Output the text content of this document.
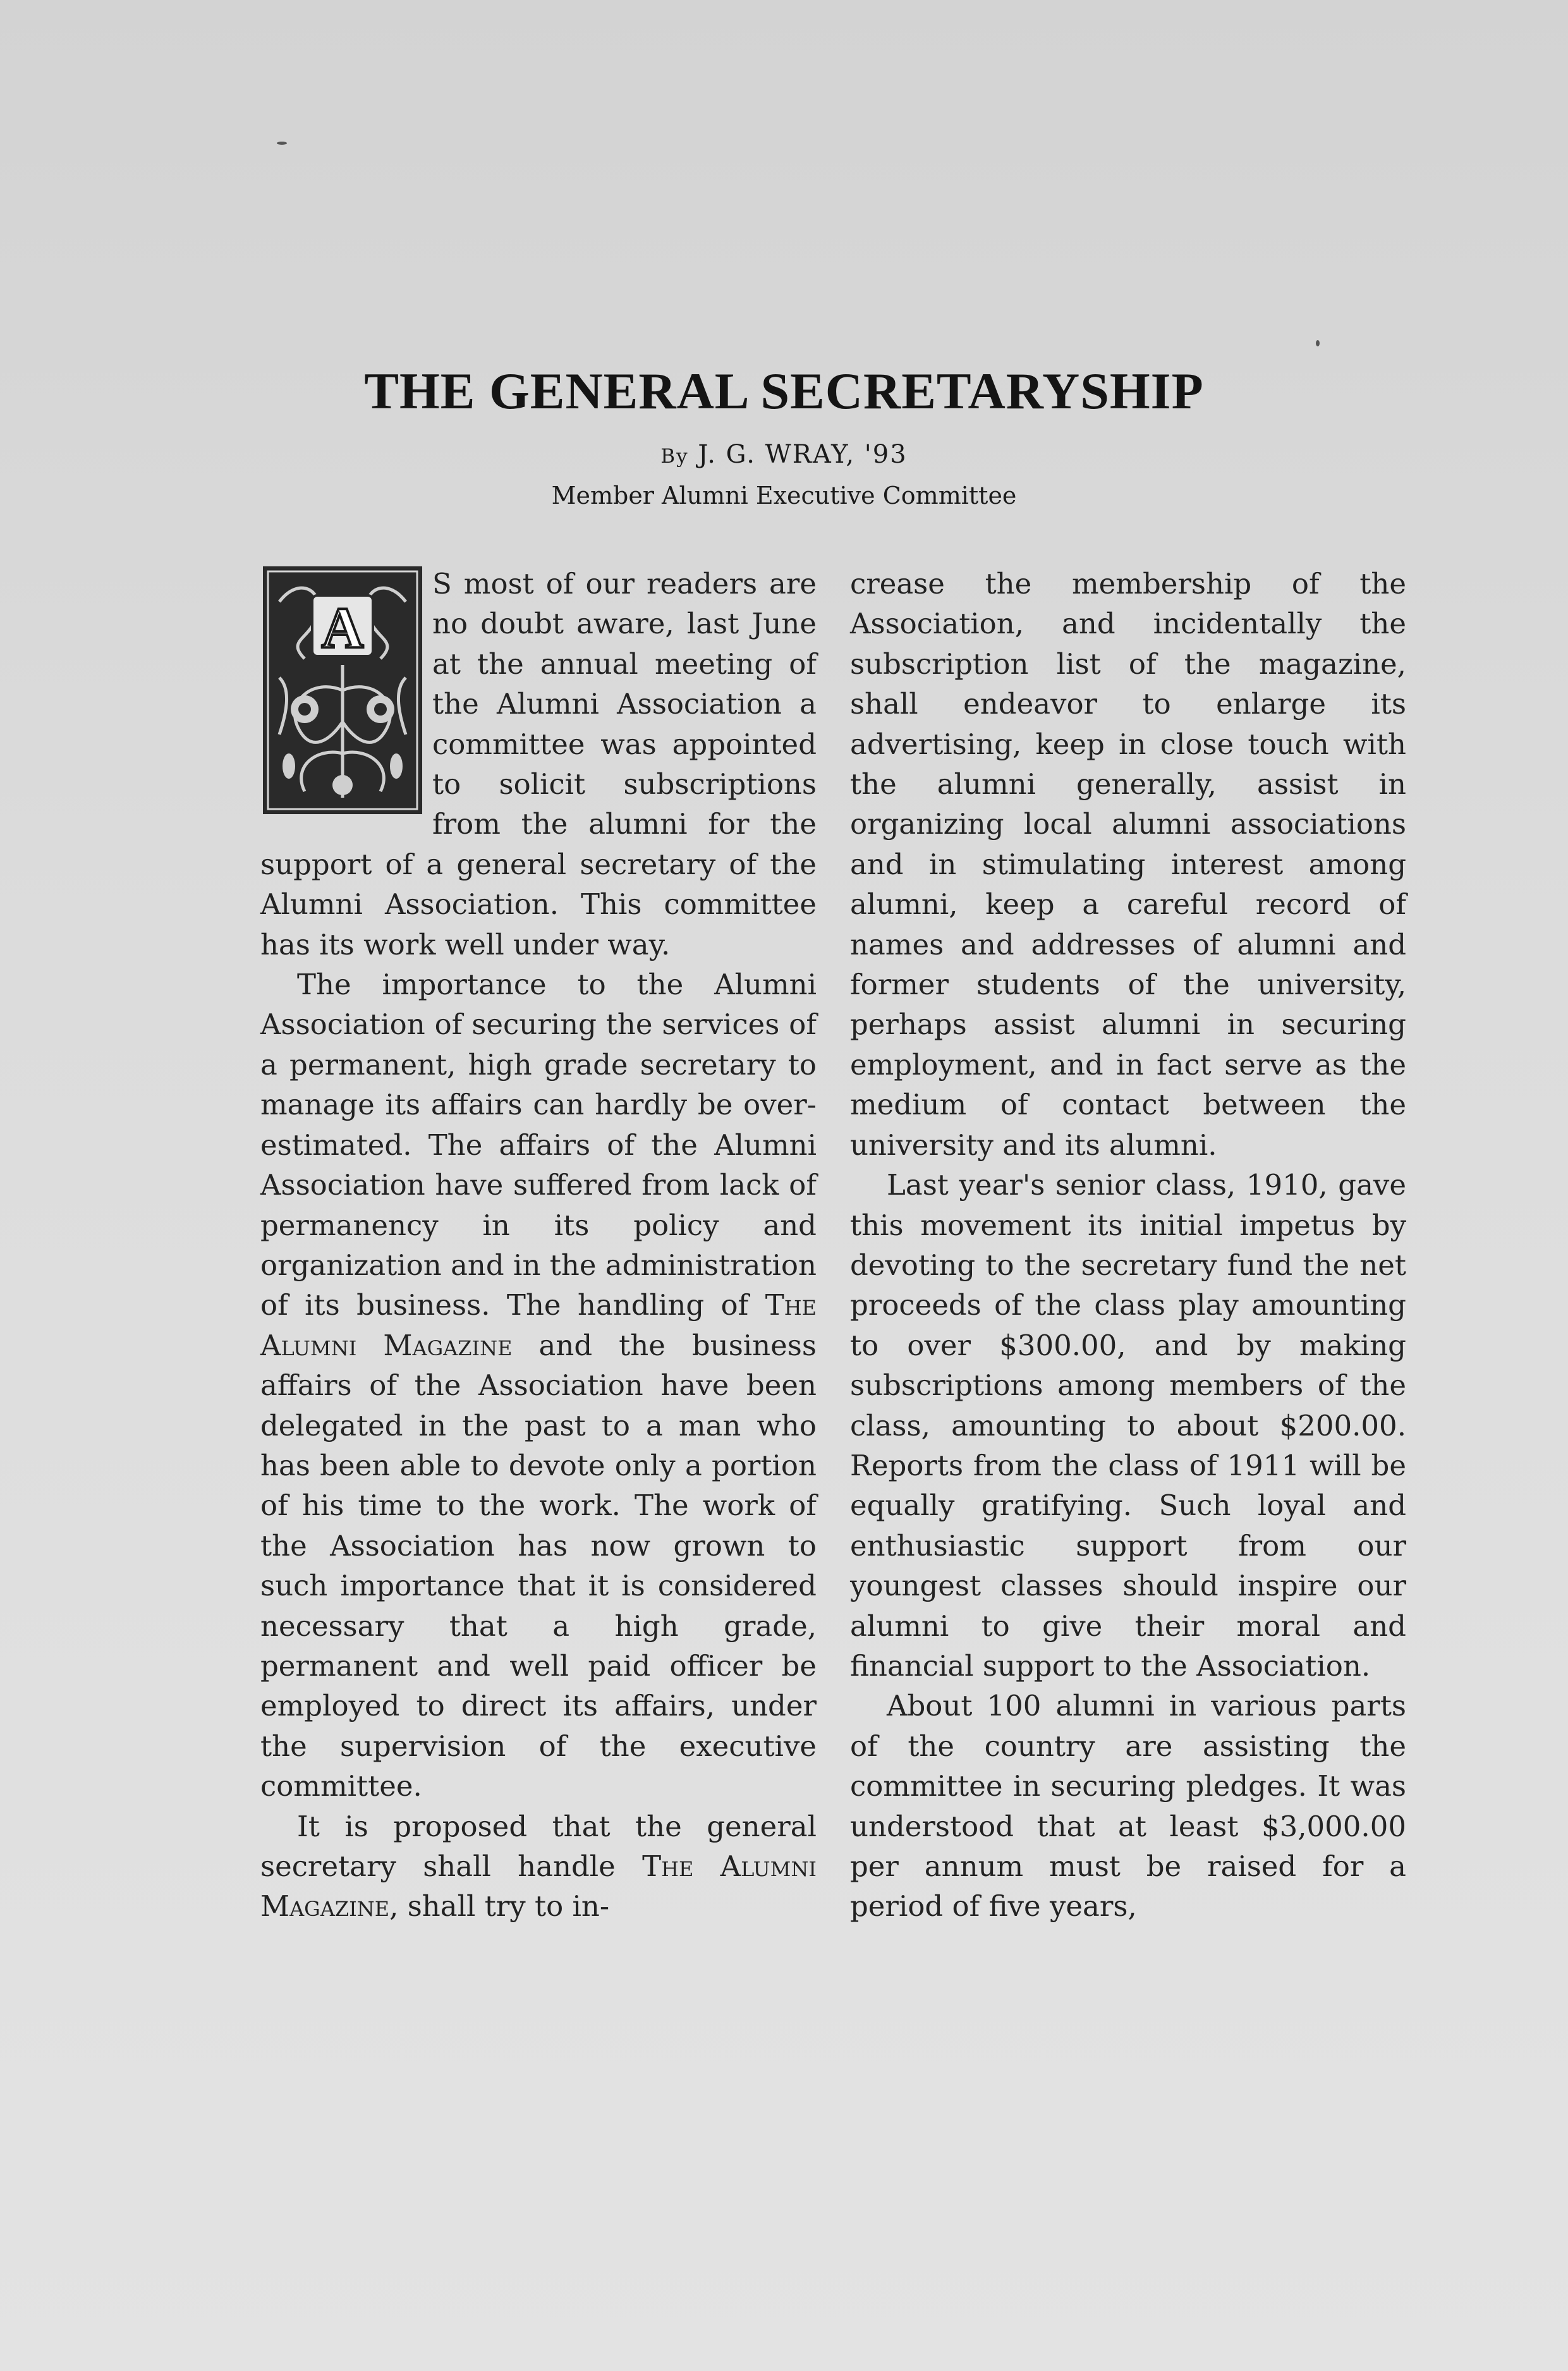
THE GENERAL SECRETARYSHIP
By J. G. WRAY, '93
Member Alumni Executive Committee
A

S most of our readers are no doubt aware, last June at the annual meeting of the Alumni Association a committee was appointed to solicit subscriptions from the alumni for the support of a general secretary of the Alumni Association. This committee has its work well under way.

The importance to the Alumni Association of securing the services of a permanent, high grade secretary to manage its affairs can hardly be over-estimated. The affairs of the Alumni Association have suffered from lack of permanency in its policy and organization and in the administration of its business. The handling of The Alumni Magazine and the business affairs of the Association have been delegated in the past to a man who has been able to devote only a portion of his time to the work. The work of the Association has now grown to such importance that it is considered necessary that a high grade, permanent and well paid officer be employed to direct its affairs, under the supervision of the executive committee.

It is proposed that the general secretary shall handle The Alumni Magazine, shall try to in-

crease the membership of the Association, and incidentally the subscription list of the magazine, shall endeavor to enlarge its advertising, keep in close touch with the alumni generally, assist in organizing local alumni associations and in stimulating interest among alumni, keep a careful record of names and addresses of alumni and former students of the university, perhaps assist alumni in securing employment, and in fact serve as the medium of contact between the university and its alumni.

Last year's senior class, 1910, gave this movement its initial impetus by devoting to the secretary fund the net proceeds of the class play amounting to over $300.00, and by making subscriptions among members of the class, amounting to about $200.00. Reports from the class of 1911 will be equally gratifying. Such loyal and enthusiastic support from our youngest classes should inspire our alumni to give their moral and financial support to the Association.

About 100 alumni in various parts of the country are assisting the committee in securing pledges. It was understood that at least $3,000.00 per annum must be raised for a period of five years,
